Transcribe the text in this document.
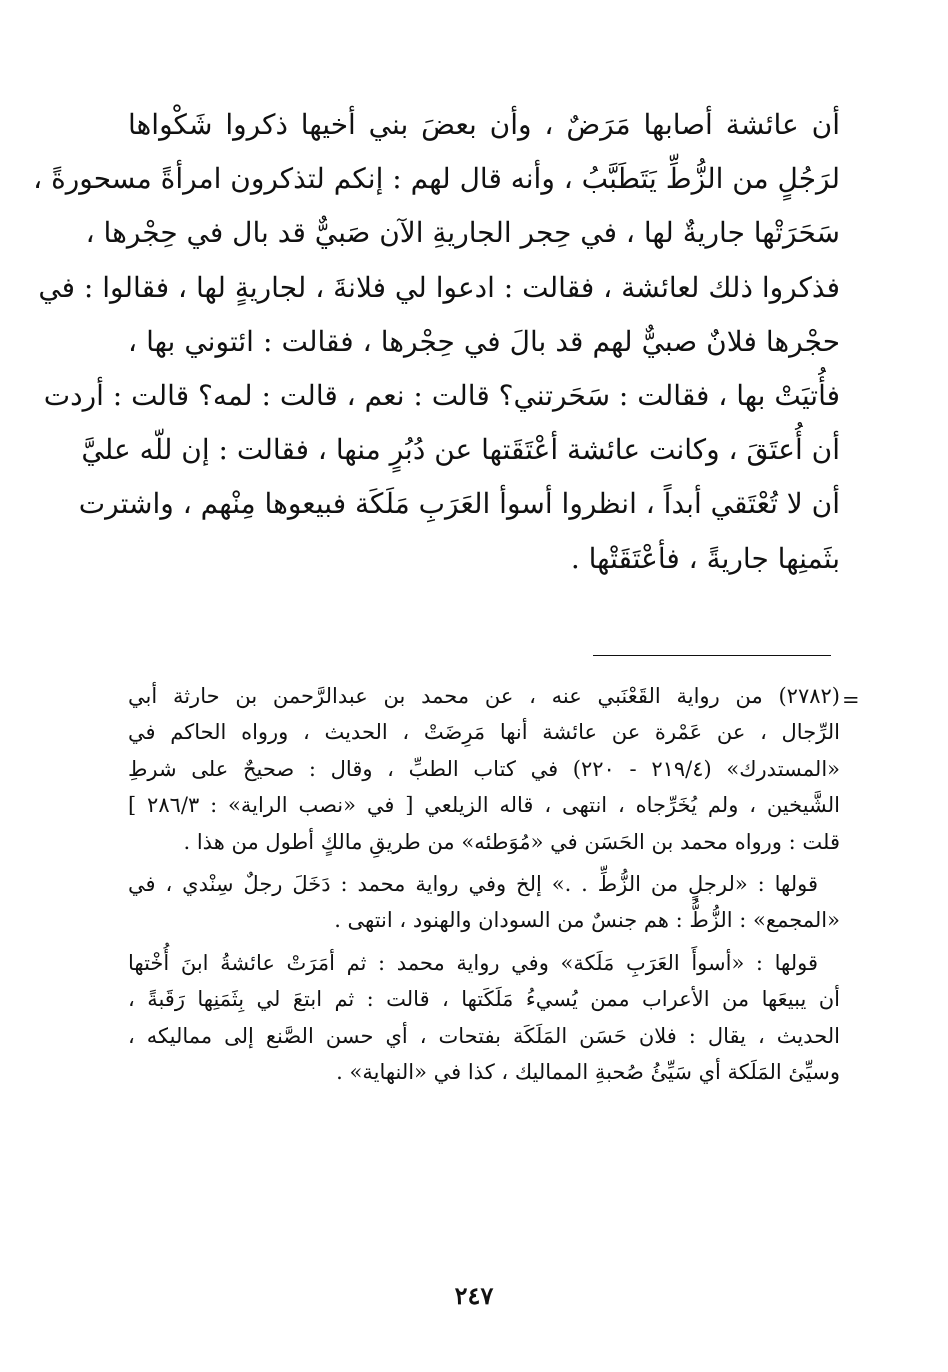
أن عائشة أصابها مَرَضٌ ، وأن بعضَ بني أخيها ذكروا شَكْواها
لرَجُلٍ من الزُّطِّ يَتَطَبَّبُ ، وأنه قال لهم : إنكم لتذكرون امرأةً مسحورةً ،
سَحَرَتْها جاريةٌ لها ، في حِجر الجاريةِ الآن صَبيٌّ قد بال في حِجْرها ،
فذكروا ذلك لعائشة ، فقالت : ادعوا لي فلانةَ ، لجاريةٍ لها ، فقالوا : في
حجْرها فلانٌ صبيٌّ لهم قد بالَ في حِجْرها ، فقالت : ائتوني بها ،
فأُتيَتْ بها ، فقالت : سَحَرتني؟ قالت : نعم ، قالت : لمه؟ قالت : أردت
أن أُعتَقَ ، وكانت عائشة أعْتَقَتها عن دُبُرٍ منها ، فقالت : إن للّه عليَّ
أن لا تُعْتَقي أبداً ، انظروا أسوأ العَرَبِ مَلَكَة فبيعوها مِنْهم ، واشترت
بثَمنِها جاريةً ، فأعْتَقَتْها .
=
(٢٧٨٢) من رواية القَعْنَبي عنه ، عن محمد بن عبدالرَّحمن بن حارثة أبي
الرِّجال ، عن عَمْرة عن عائشة أنها مَرِضَتْ ، الحديث ، ورواه الحاكم في
«المستدرك» (٢١٩/٤ - ٢٢٠) في كتاب الطبِّ ، وقال : صحيحٌ على شرطِ
الشَّيخين ، ولم يُخَرِّجاه ، انتهى ، قاله الزيلعي [ في «نصب الراية» : ٢٨٦/٣ ]
قلت : ورواه محمد بن الحَسَن في «مُوَطئه» من طريقِ مالكٍ أطول من هذا .
قولها : «لرجلٍ من الزُّطِّ . .» إلخ وفي رواية محمد : دَخَلَ رجلٌ سِنْدي ، في
«المجمع» : الزُّطُّ : هم جنسٌ من السودان والهنود ، انتهى .
قولها : «أسوأَ العَرَبِ مَلَكة» وفي رواية محمد : ثم أمَرَتْ عائشةُ ابنَ أُخْتها
أن يبيعَها من الأعراب ممن يُسيءُ مَلَكَتها ، قالت : ثم ابتعَ لي بِثَمَنِها رَقَبةً ،
الحديث ، يقال : فلان حَسَن المَلَكَة بفتحات ، أي حسن الصَّنع إلى مماليكه ،
وسيِّئ المَلَكة أي سَيِّئُ صُحبةِ المماليك ، كذا في «النهاية» .
٢٤٧
